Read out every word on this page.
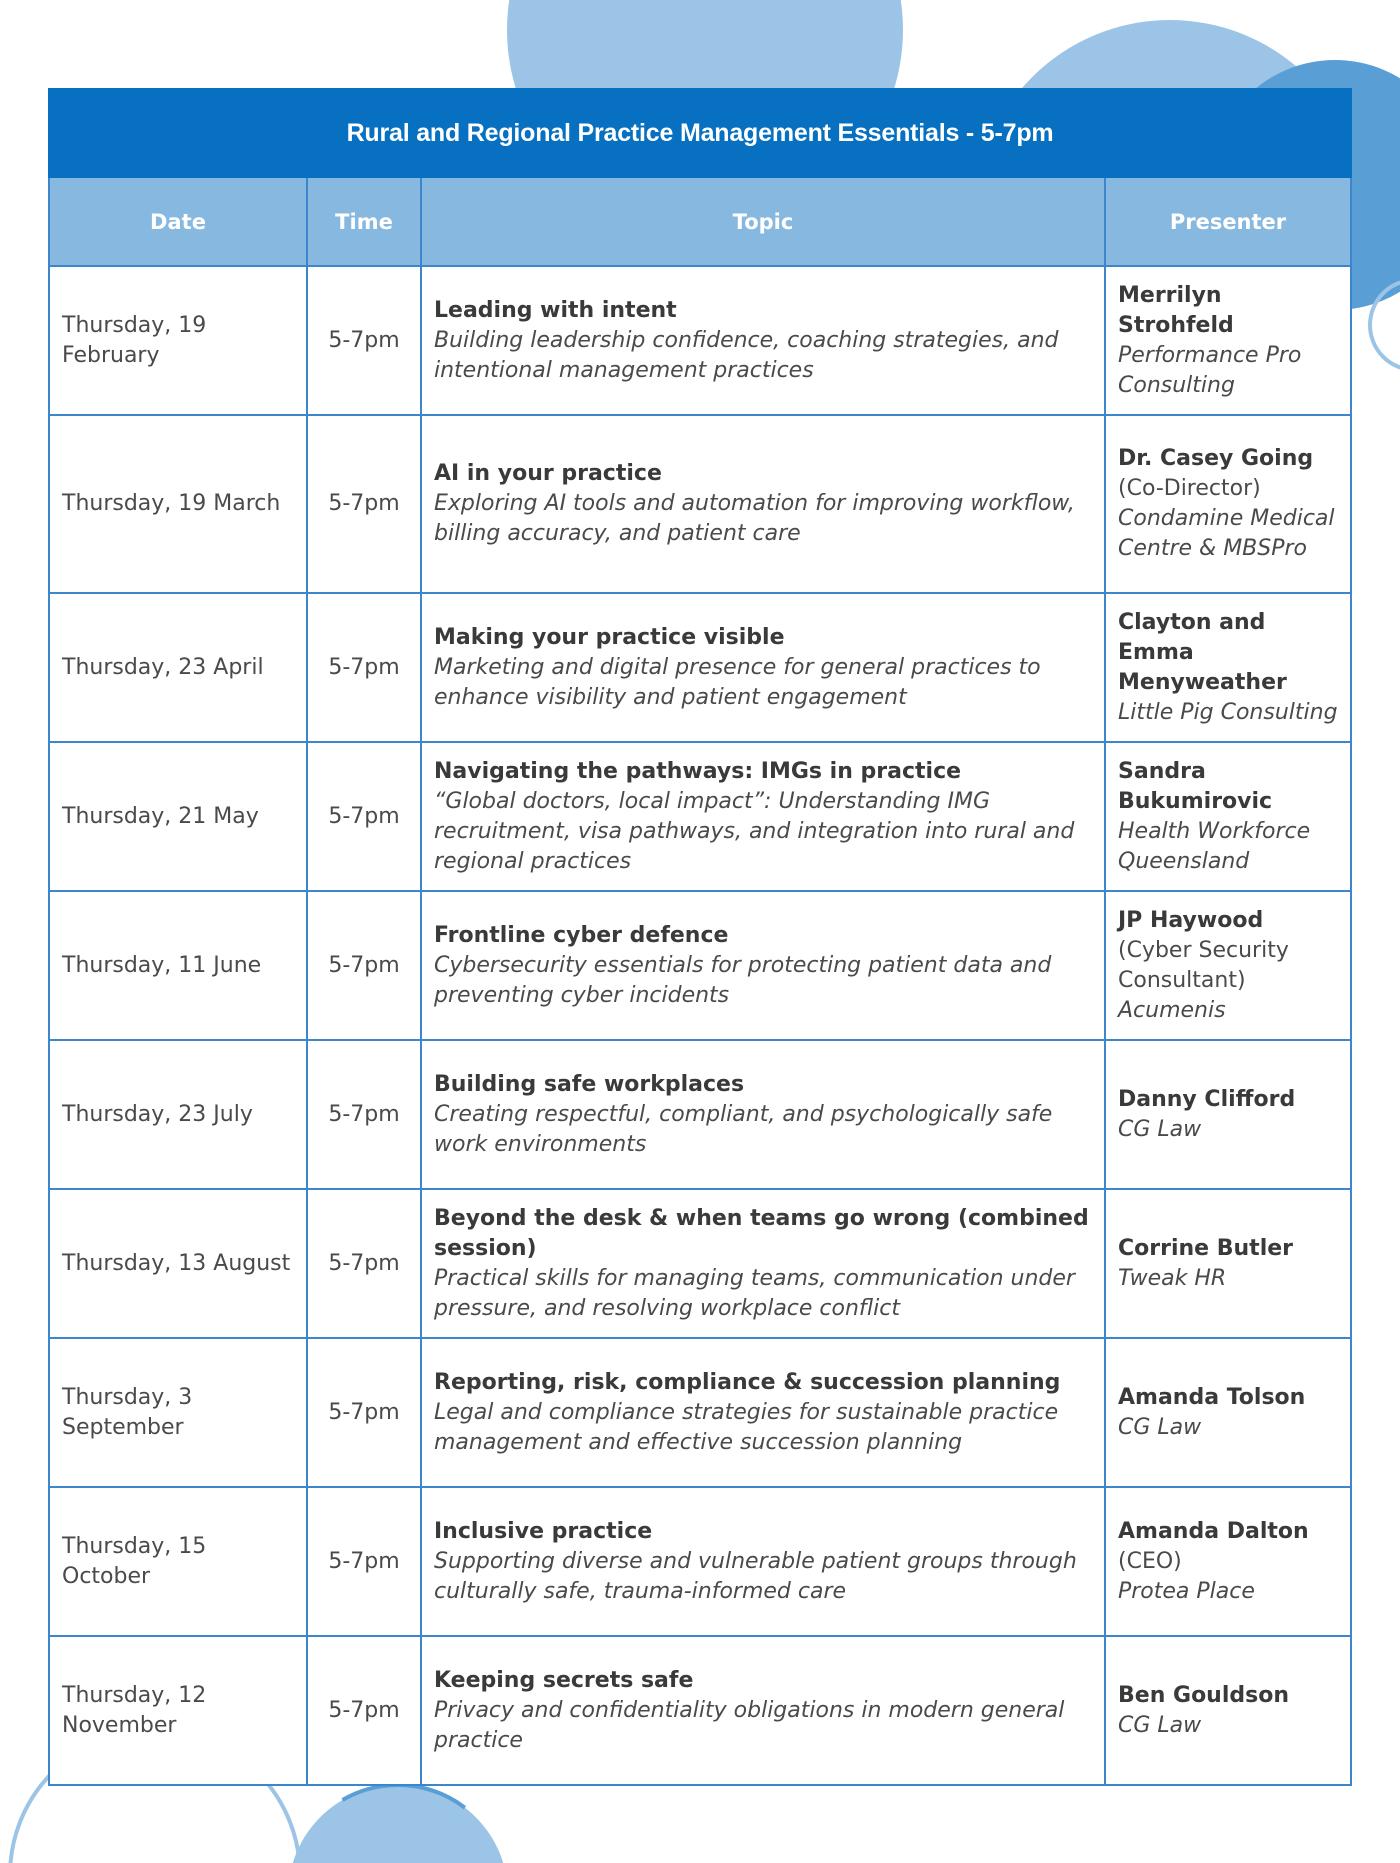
Rural and Regional Practice Management Essentials - 5-7pm			
Date	Time	Topic	Presenter
Thursday, 19 February	5-7pm	Leading with intent
Building leadership confidence, coaching strategies, and intentional management practices	Merrilyn Strohfeld
Performance Pro Consulting

Thursday, 19 March	5-7pm	AI in your practice
Exploring AI tools and automation for improving workflow, billing accuracy, and patient care	Dr. Casey Going
(Co-Director)
Condamine Medical Centre & MBSPro

Thursday, 23 April	5-7pm	Making your practice visible
Marketing and digital presence for general practices to enhance visibility and patient engagement	Clayton and Emma Menyweather
Little Pig Consulting

Thursday, 21 May	5-7pm	Navigating the pathways: IMGs in practice
“Global doctors, local impact”: Understanding IMG recruitment, visa pathways, and integration into rural and regional practices	Sandra Bukumirovic
Health Workforce Queensland

Thursday, 11 June	5-7pm	Frontline cyber defence
Cybersecurity essentials for protecting patient data and preventing cyber incidents	JP Haywood (Cyber Security Consultant)
Acumenis

Thursday, 23 July	5-7pm	Building safe workplaces
Creating respectful, compliant, and psychologically safe work environments	Danny Clifford
CG Law

Thursday, 13 August	5-7pm	Beyond the desk & when teams go wrong (combined session)
Practical skills for managing teams, communication under pressure, and resolving workplace conflict	Corrine Butler
Tweak HR

Thursday, 3 September	5-7pm	Reporting, risk, compliance & succession planning
Legal and compliance strategies for sustainable practice management and effective succession planning	Amanda Tolson
CG Law

Thursday, 15 October	5-7pm	Inclusive practice
Supporting diverse and vulnerable patient groups through culturally safe, trauma-informed care	Amanda Dalton
(CEO)
Protea Place

Thursday, 12 November	5-7pm	Keeping secrets safe
Privacy and confidentiality obligations in modern general practice	Ben Gouldson
CG Law
